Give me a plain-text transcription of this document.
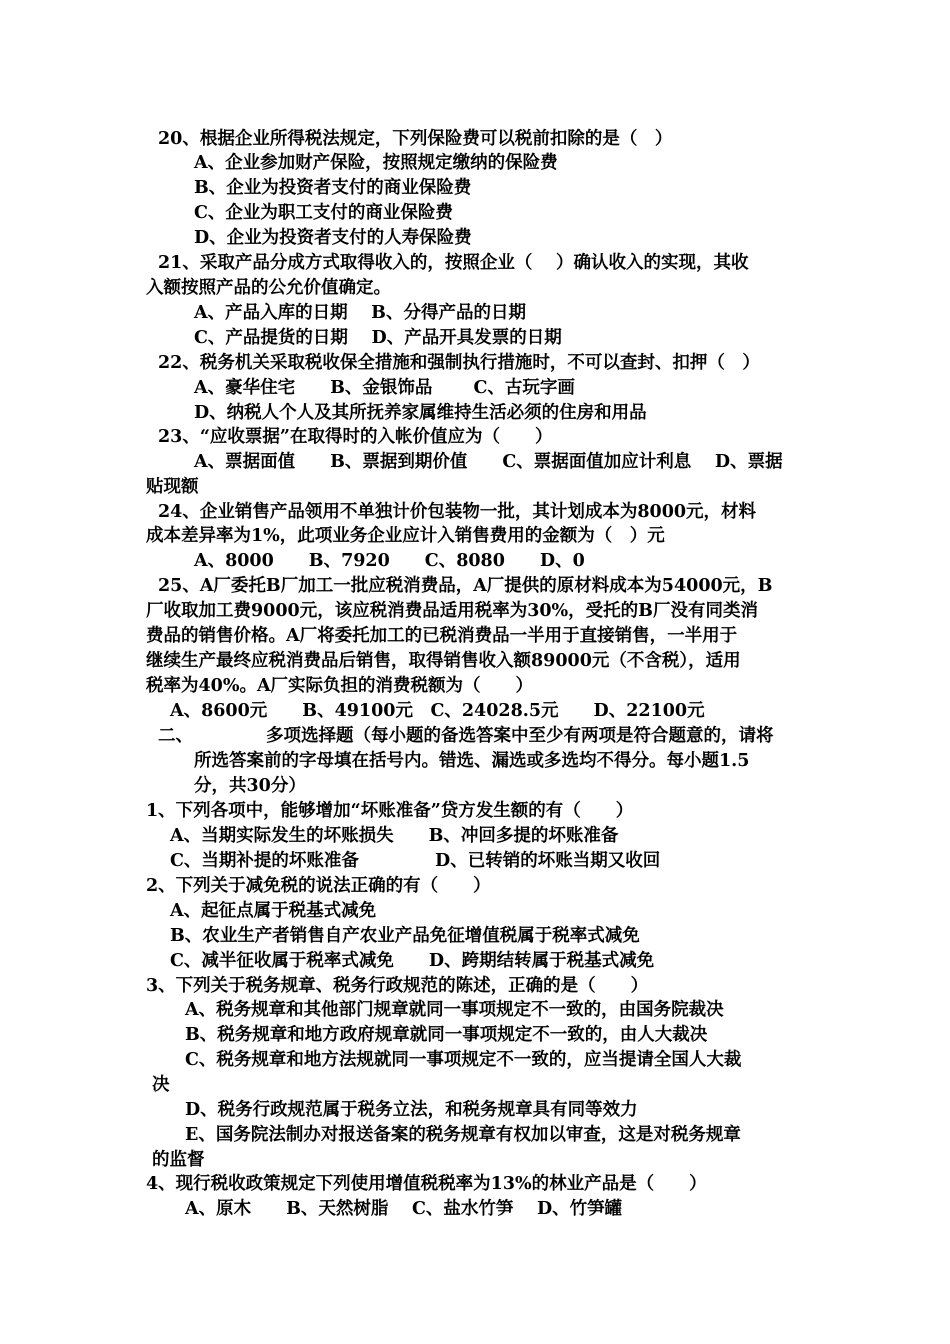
20、根据企业所得税法规定，下列保险费可以税前扣除的是（　）
A、企业参加财产保险，按照规定缴纳的保险费
B、企业为投资者支付的商业保险费
C、企业为职工支付的商业保险费
D、企业为投资者支付的人寿保险费
21、采取产品分成方式取得收入的，按照企业（　 ）确认收入的实现，其收
入额按照产品的公允价值确定。
A、产品入库的日期　 B、分得产品的日期
C、产品提货的日期　 D、产品开具发票的日期
22、税务机关采取税收保全措施和强制执行措施时，不可以查封、扣押（　）
A、豪华住宅　　B、金银饰品　　 C、古玩字画
D、纳税人个人及其所抚养家属维持生活必须的住房和用品
23、“应收票据”在取得时的入帐价值应为（　　）
A、票据面值　　B、票据到期价值　　C、票据面值加应计利息　 D、票据
贴现额
24、企业销售产品领用不单独计价包装物一批，其计划成本为8000元，材料
成本差异率为1%，此项业务企业应计入销售费用的金额为（　）元
A、8000　　B、7920　　C、8080　　D、0
25、A厂委托B厂加工一批应税消费品，A厂提供的原材料成本为54000元，B
厂收取加工费9000元，该应税消费品适用税率为30%，受托的B厂没有同类消
费品的销售价格。A厂将委托加工的已税消费品一半用于直接销售，一半用于
继续生产最终应税消费品后销售，取得销售收入额89000元（不含税），适用
税率为40%。A厂实际负担的消费税额为（　　）
A、8600元　　B、49100元　C、24028.5元　　D、22100元
二、	多项选择题（每小题的备选答案中至少有两项是符合题意的，请将
所选答案前的字母填在括号内。错选、漏选或多选均不得分。每小题1.5
分，共30分）
1、下列各项中，能够增加“坏账准备”贷方发生额的有（　　）
A、当期实际发生的坏账损失　　B、冲回多提的坏账准备
C、当期补提的坏账准备　　　　 D、已转销的坏账当期又收回
2、下列关于减免税的说法正确的有（　　）
A、起征点属于税基式减免
B、农业生产者销售自产农业产品免征增值税属于税率式减免
C、减半征收属于税率式减免　　D、跨期结转属于税基式减免
3、下列关于税务规章、税务行政规范的陈述，正确的是（　　）
A、税务规章和其他部门规章就同一事项规定不一致的，由国务院裁决
B、税务规章和地方政府规章就同一事项规定不一致的，由人大裁决
C、税务规章和地方法规就同一事项规定不一致的，应当提请全国人大裁
决
D、税务行政规范属于税务立法，和税务规章具有同等效力
E、国务院法制办对报送备案的税务规章有权加以审查，这是对税务规章
的监督
4、现行税收政策规定下列使用增值税税率为13%的林业产品是（　　）
A、原木　　B、天然树脂　 C、盐水竹笋　 D、竹笋罐
